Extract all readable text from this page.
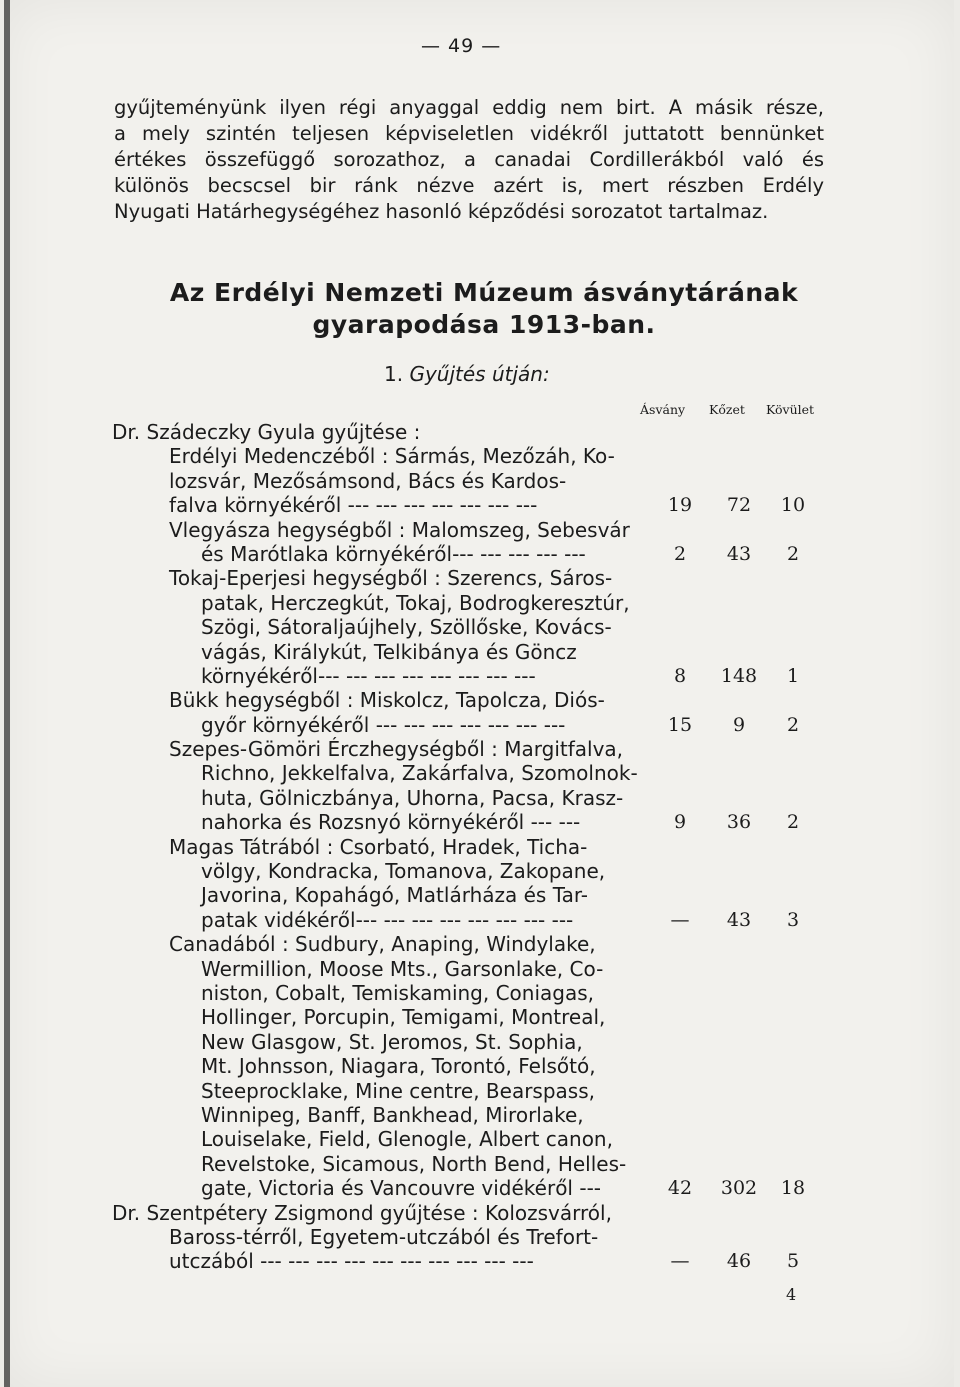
— 49 —
gyűjteményünk ilyen régi anyaggal eddig nem birt. A másik része,
a mely szintén teljesen képviseletlen vidékről juttatott bennünket
értékes összefüggő sorozathoz, a canadai Cordillerákból való és
különös becscsel bir ránk nézve azért is, mert részben Erdély
Nyugati Határhegységéhez hasonló képződési sorozatot tartalmaz.
Az Erdélyi Nemzeti Múzeum ásványtárának
gyarapodása 1913-ban.
1. Gyűjtés útján:
Ásvány Kőzet Kövület
Dr. Szádeczky Gyula gyűjtése :
Erdélyi Medenczéből : Sármás, Mezőzáh, Ko-
lozsvár, Mezősámsond, Bács és Kardos-
falva környékéről --- --- --- --- --- --- ---	19	72	10
Vlegyásza hegységből : Malomszeg, Sebesvár
és Marótlaka környékéről--- --- --- --- ---	2	43	2
Tokaj-Eperjesi hegységből : Szerencs, Sáros-
patak, Herczegkút, Tokaj, Bodrogkeresztúr,
Szögi, Sátoraljaújhely, Szöllőske, Kovács-
vágás, Királykút, Telkibánya és Göncz
környékéről--- --- --- --- --- --- --- ---	8	148	1
Bükk hegységből : Miskolcz, Tapolcza, Diós-
győr környékéről --- --- --- --- --- --- ---	15	9	2
Szepes-Gömöri Érczhegységből : Margitfalva,
Richno, Jekkelfalva, Zakárfalva, Szomolnok-
huta, Gölniczbánya, Uhorna, Pacsa, Krasz-
nahorka és Rozsnyó környékéről --- ---	9	36	2
Magas Tátrából : Csorbató, Hradek, Ticha-
völgy, Kondracka, Tomanova, Zakopane,
Javorina, Kopahágó, Matlárháza és Tar-
patak vidékéről--- --- --- --- --- --- --- ---	—	43	3
Canadából : Sudbury, Anaping, Windylake,
Wermillion, Moose Mts., Garsonlake, Co-
niston, Cobalt, Temiskaming, Coniagas,
Hollinger, Porcupin, Temigami, Montreal,
New Glasgow, St. Jeromos, St. Sophia,
Mt. Johnsson, Niagara, Torontó, Felsőtó,
Steeprocklake, Mine centre, Bearspass,
Winnipeg, Banff, Bankhead, Mirorlake,
Louiselake, Field, Glenogle, Albert canon,
Revelstoke, Sicamous, North Bend, Helles-
gate, Victoria és Vancouvre vidékéről ---	42	302	18
Dr. Szentpétery Zsigmond gyűjtése : Kolozsvárról,
Baross-térről, Egyetem-utczából és Trefort-
utczából --- --- --- --- --- --- --- --- --- ---	—	46	5
4
